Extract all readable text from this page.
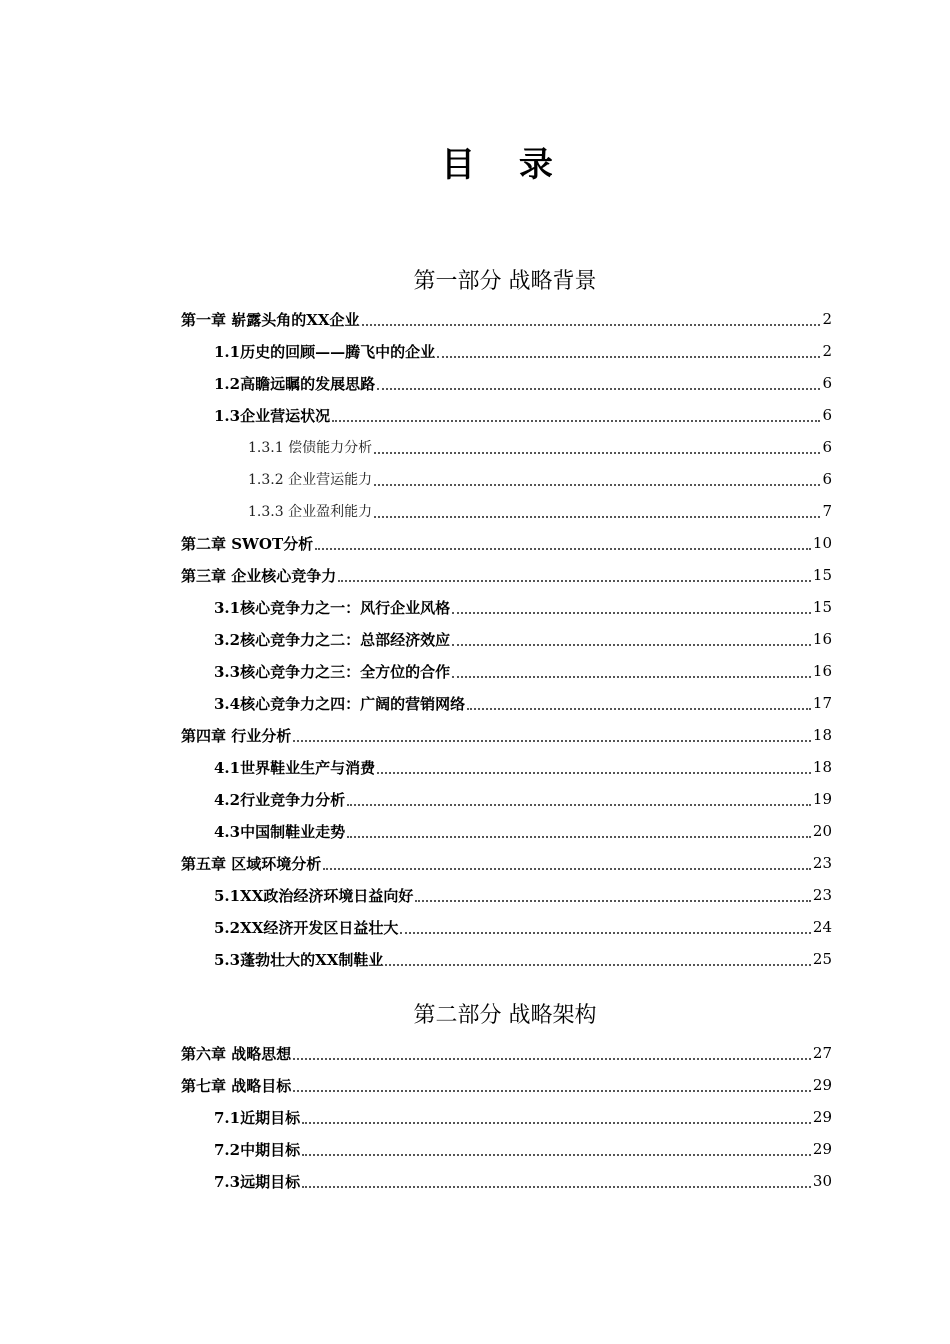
目 录
第一部分 战略背景
第一章 崭露头角的XX企业	2
1.1历史的回顾——腾飞中的企业	2
1.2高瞻远瞩的发展思路	6
1.3企业营运状况	6
1.3.1 偿债能力分析	6
1.3.2 企业营运能力	6
1.3.3 企业盈利能力	7
第二章 SWOT分析	10
第三章 企业核心竞争力	15
3.1核心竞争力之一：风行企业风格	15
3.2核心竞争力之二：总部经济效应	16
3.3核心竞争力之三：全方位的合作	16
3.4核心竞争力之四：广阔的营销网络	17
第四章 行业分析	18
4.1世界鞋业生产与消费	18
4.2行业竞争力分析	19
4.3中国制鞋业走势	20
第五章 区域环境分析	23
5.1XX政治经济环境日益向好	23
5.2XX经济开发区日益壮大	24
5.3蓬勃壮大的XX制鞋业	25
第二部分 战略架构
第六章 战略思想	27
第七章 战略目标	29
7.1近期目标	29
7.2中期目标	29
7.3远期目标	30
